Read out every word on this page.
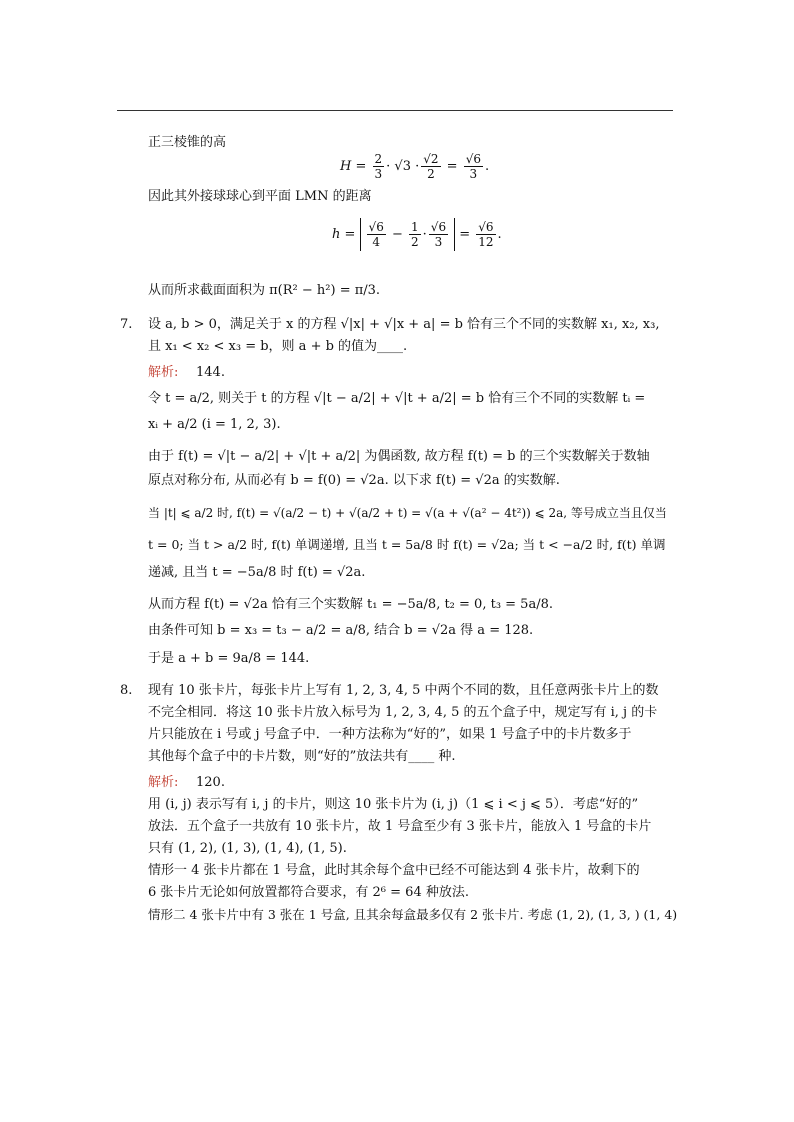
正三棱锥的高
H =
$\frac{2}{3} \cdot √3 \cdot \frac{√2}{2}$
=
$\frac{√6}{3}$ .
因此其外接球球心到平面 LMN 的距离
h =
$\frac{√6}{4}$
−
$\frac{1}{2} \cdot \frac{√6}{3}$
=
$\frac{√6}{12}$ .
从而所求截面面积为 π(R² − h²) = π/3.
7. 设 a, b > 0，满足关于 x 的方程 √|x| + √|x + a| = b 恰有三个不同的实数解 x₁, x₂, x₃,
且 x₁ < x₂ < x₃ = b，则 a + b 的值为____.
解析: 144.
令 t = a/2, 则关于 t 的方程 √|t − a/2| + √|t + a/2| = b 恰有三个不同的实数解 tᵢ =
xᵢ + a/2 (i = 1, 2, 3).
由于 f(t) = √|t − a/2| + √|t + a/2| 为偶函数, 故方程 f(t) = b 的三个实数解关于数轴
原点对称分布, 从而必有 b = f(0) = √2a. 以下求 f(t) = √2a 的实数解.
当 |t| ⩽ a/2 时, f(t) = √(a/2 − t) + √(a/2 + t) = √(a + √(a² − 4t²)) ⩽ 2a, 等号成立当且仅当
t = 0; 当 t > a/2 时, f(t) 单调递增, 且当 t = 5a/8 时 f(t) = √2a; 当 t < −a/2 时, f(t) 单调
递减, 且当 t = −5a/8 时 f(t) = √2a.
从而方程 f(t) = √2a 恰有三个实数解 t₁ = −5a/8, t₂ = 0, t₃ = 5a/8.
由条件可知 b = x₃ = t₃ − a/2 = a/8, 结合 b = √2a 得 a = 128.
于是 a + b = 9a/8 = 144.
8. 现有 10 张卡片，每张卡片上写有 1, 2, 3, 4, 5 中两个不同的数，且任意两张卡片上的数
不完全相同．将这 10 张卡片放入标号为 1, 2, 3, 4, 5 的五个盒子中，规定写有 i, j 的卡
片只能放在 i 号或 j 号盒子中．一种方法称为“好的”，如果 1 号盒子中的卡片数多于
其他每个盒子中的卡片数，则“好的”放法共有____ 种.
解析: 120.
用 (i, j) 表示写有 i, j 的卡片，则这 10 张卡片为 (i, j)（1 ⩽ i < j ⩽ 5）．考虑“好的”
放法．五个盒子一共放有 10 张卡片，故 1 号盒至少有 3 张卡片，能放入 1 号盒的卡片
只有 (1, 2), (1, 3), (1, 4), (1, 5).
情形一 4 张卡片都在 1 号盒，此时其余每个盒中已经不可能达到 4 张卡片，故剩下的
6 张卡片无论如何放置都符合要求，有 2⁶ = 64 种放法.
情形二 4 张卡片中有 3 张在 1 号盒, 且其余每盒最多仅有 2 张卡片. 考虑 (1, 2), (1, 3, ) (1, 4)
